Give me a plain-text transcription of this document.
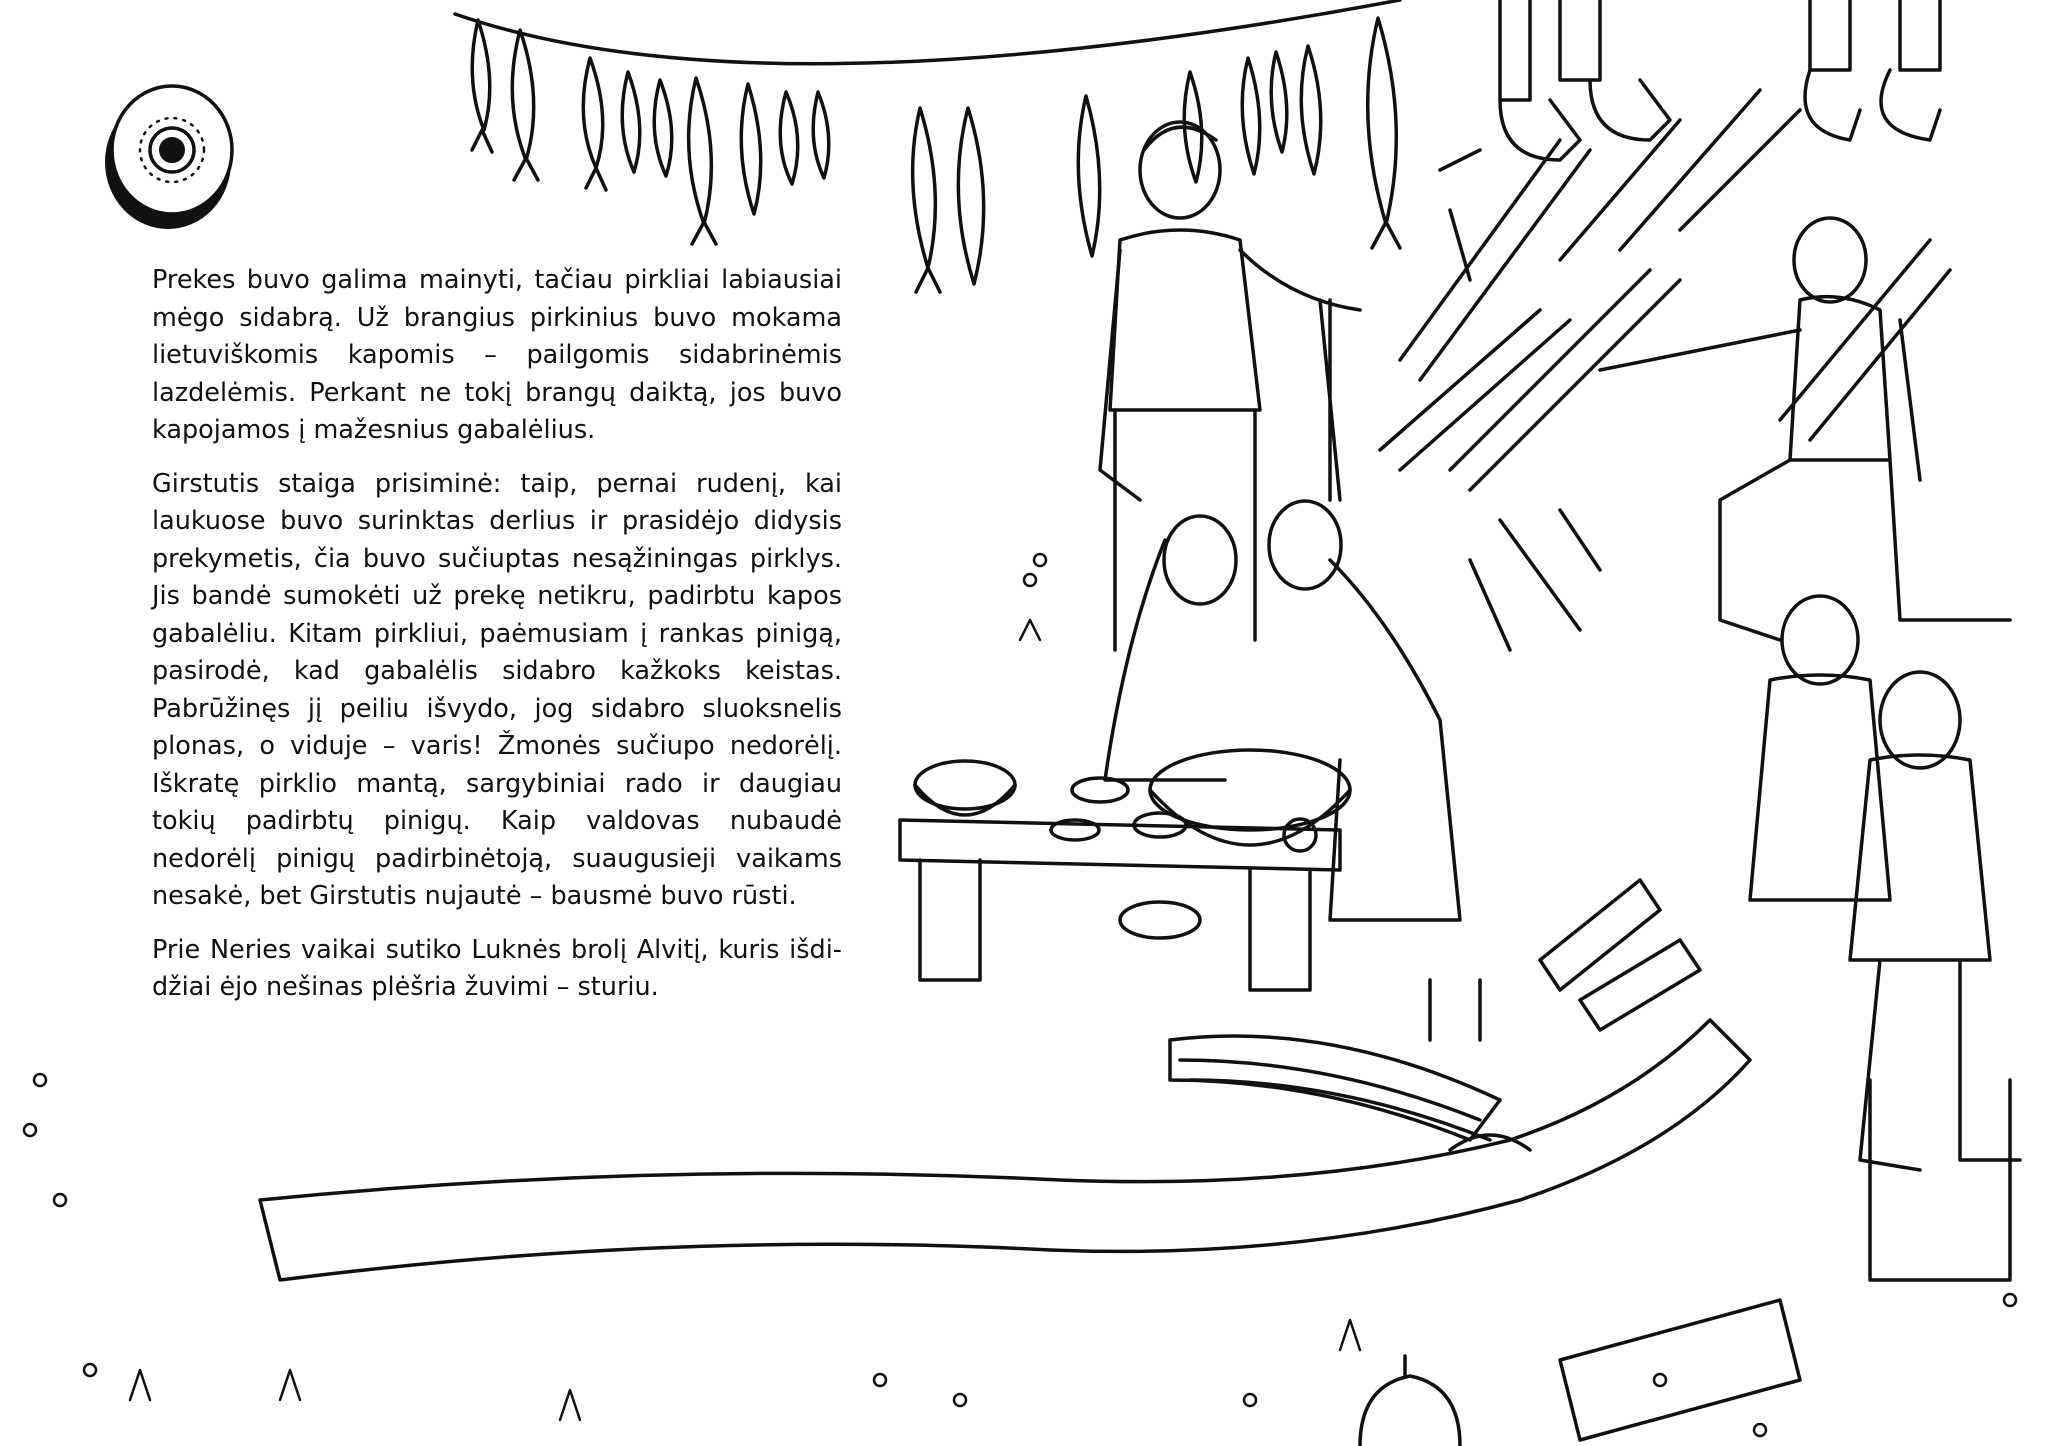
Prekes buvo galima mainyti, tačiau pirkliai labiausiai mėgo sidabrą. Už brangius pirkinius buvo mokama lietuviškomis kapomis – pailgomis sidabrinėmis lazdelėmis. Perkant ne tokį brangų daiktą, jos buvo kapojamos į mažesnius gabalėlius.

Girstutis staiga prisiminė: taip, pernai rudenį, kai laukuose buvo surinktas derlius ir prasidėjo didysis prekymetis, čia buvo sučiuptas nesąžiningas pirklys. Jis bandė sumokėti už prekę netikru, padirbtu kapos gabalėliu. Kitam pirkliui, paėmusiam į rankas pinigą, pasirodė, kad gabalėlis sidabro kažkoks keistas. Pabrūžinęs jį peiliu išvydo, jog sidabro sluoksnelis plonas, o viduje – varis! Žmonės sučiupo nedorėlį. Iškratę pirklio mantą, sargybiniai rado ir daugiau tokių padirbtų pinigų. Kaip valdovas nubaudė nedorėlį pinigų padirbinėtoją, suaugusieji vaikams nesakė, bet Girstutis nujautė – bausmė buvo rūsti.

Prie Neries vaikai sutiko Luknės brolį Alvitį, kuris išdidžiai ėjo nešinas plėšria žuvimi – sturiu.
